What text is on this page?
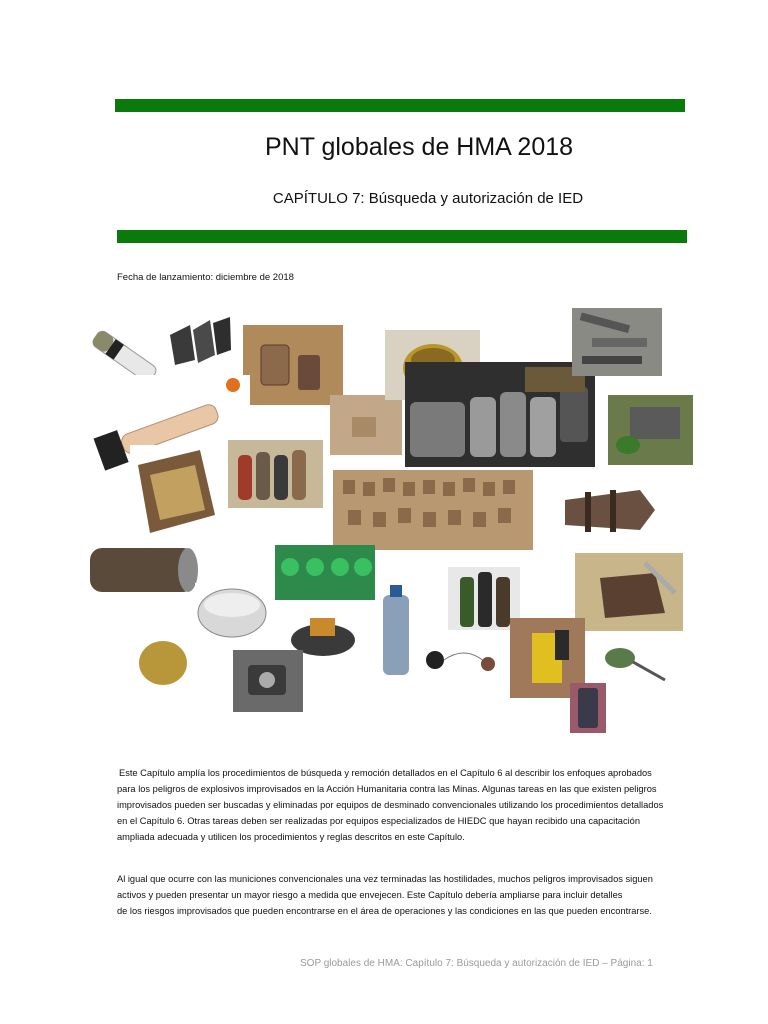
PNT globales de HMA 2018
CAPÍTULO 7: Búsqueda y autorización de IED
Fecha de lanzamiento: diciembre de 2018
Este Capítulo amplía los procedimientos de búsqueda y remoción detallados en el Capítulo 6 al describir los enfoques aprobados
para los peligros de explosivos improvisados en la Acción Humanitaria contra las Minas. Algunas tareas en las que existen peligros
improvisados pueden ser buscadas y eliminadas por equipos de desminado convencionales utilizando los procedimientos detallados
en el Capítulo 6. Otras tareas deben ser realizadas por equipos especializados de HIEDC que hayan recibido una capacitación
ampliada adecuada y utilicen los procedimientos y reglas descritos en este Capítulo.
Al igual que ocurre con las municiones convencionales una vez terminadas las hostilidades, muchos peligros improvisados siguen
activos y pueden presentar un mayor riesgo a medida que envejecen. Este Capítulo debería ampliarse para incluir detalles
de los riesgos improvisados que pueden encontrarse en el área de operaciones y las condiciones en las que pueden encontrarse.
SOP globales de HMA: Capítulo 7: Búsqueda y autorización de IED – Página: 1
